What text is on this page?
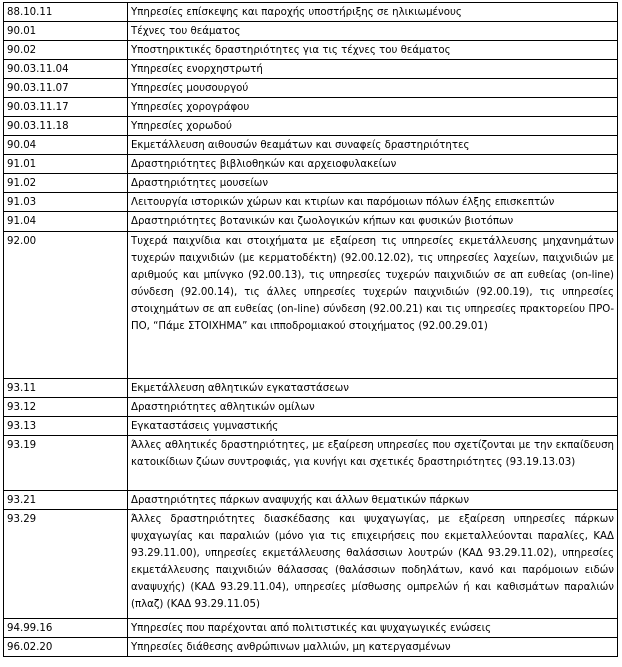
88.10.11	Υπηρεσίες επίσκεψης και παροχής υποστήριξης σε ηλικιωμένους
90.01	Τέχνες του θεάματος
90.02	Υποστηρικτικές δραστηριότητες για τις τέχνες του θεάματος
90.03.11.04	Υπηρεσίες ενορχηστρωτή
90.03.11.07	Υπηρεσίες μουσουργού
90.03.11.17	Υπηρεσίες χορογράφου
90.03.11.18	Υπηρεσίες χορωδού
90.04	Εκμετάλλευση αιθουσών θεαμάτων και συναφείς δραστηριότητες
91.01	Δραστηριότητες βιβλιοθηκών και αρχειοφυλακείων
91.02	Δραστηριότητες μουσείων
91.03	Λειτουργία ιστορικών χώρων και κτιρίων και παρόμοιων πόλων έλξης επισκεπτών
91.04	Δραστηριότητες βοτανικών και ζωολογικών κήπων και φυσικών βιοτόπων
92.00	Τυχερά παιχνίδια και στοιχήματα με εξαίρεση τις υπηρεσίες εκμετάλλευσης μηχανημάτων τυχερών παιχνιδιών (με κερματοδέκτη) (92.00.12.02), τις υπηρεσίες λαχείων, παιχνιδιών με αριθμούς και μπίνγκο (92.00.13), τις υπηρεσίες τυχερών παιχνιδιών σε απ ευθείας (on-line) σύνδεση (92.00.14), τις άλλες υπηρεσίες τυχερών παιχνιδιών (92.00.19), τις υπηρεσίες στοιχημάτων σε απ ευθείας (on-line) σύνδεση (92.00.21) και τις υπηρεσίες πρακτορείου ΠΡΟ-ΠΟ, “Πάμε ΣΤΟΙΧΗΜΑ” και ιπποδρομιακού στοιχήματος (92.00.29.01)
93.11	Εκμετάλλευση αθλητικών εγκαταστάσεων
93.12	Δραστηριότητες αθλητικών ομίλων
93.13	Εγκαταστάσεις γυμναστικής
93.19	Άλλες αθλητικές δραστηριότητες, με εξαίρεση υπηρεσίες που σχετίζονται με την εκπαίδευση κατοικίδιων ζώων συντροφιάς, για κυνήγι και σχετικές δραστηριότητες (93.19.13.03)
93.21	Δραστηριότητες πάρκων αναψυχής και άλλων θεματικών πάρκων
93.29	Άλλες δραστηριότητες διασκέδασης και ψυχαγωγίας, με εξαίρεση υπηρεσίες πάρκων ψυχαγωγίας και παραλιών (μόνο για τις επιχειρήσεις που εκμεταλλεύονται παραλίες, ΚΑΔ 93.29.11.00), υπηρεσίες εκμετάλλευσης θαλάσσιων λουτρών (ΚΑΔ 93.29.11.02), υπηρεσίες εκμετάλλευσης παιχνιδιών θάλασσας (θαλάσσιων ποδηλάτων, κανό και παρόμοιων ειδών αναψυχής) (ΚΑΔ 93.29.11.04), υπηρεσίες μίσθωσης ομπρελών ή και καθισμάτων παραλιών (πλαζ) (ΚΑΔ 93.29.11.05)
94.99.16	Υπηρεσίες που παρέχονται από πολιτιστικές και ψυχαγωγικές ενώσεις
96.02.20	Υπηρεσίες διάθεσης ανθρώπινων μαλλιών, μη κατεργασμένων
